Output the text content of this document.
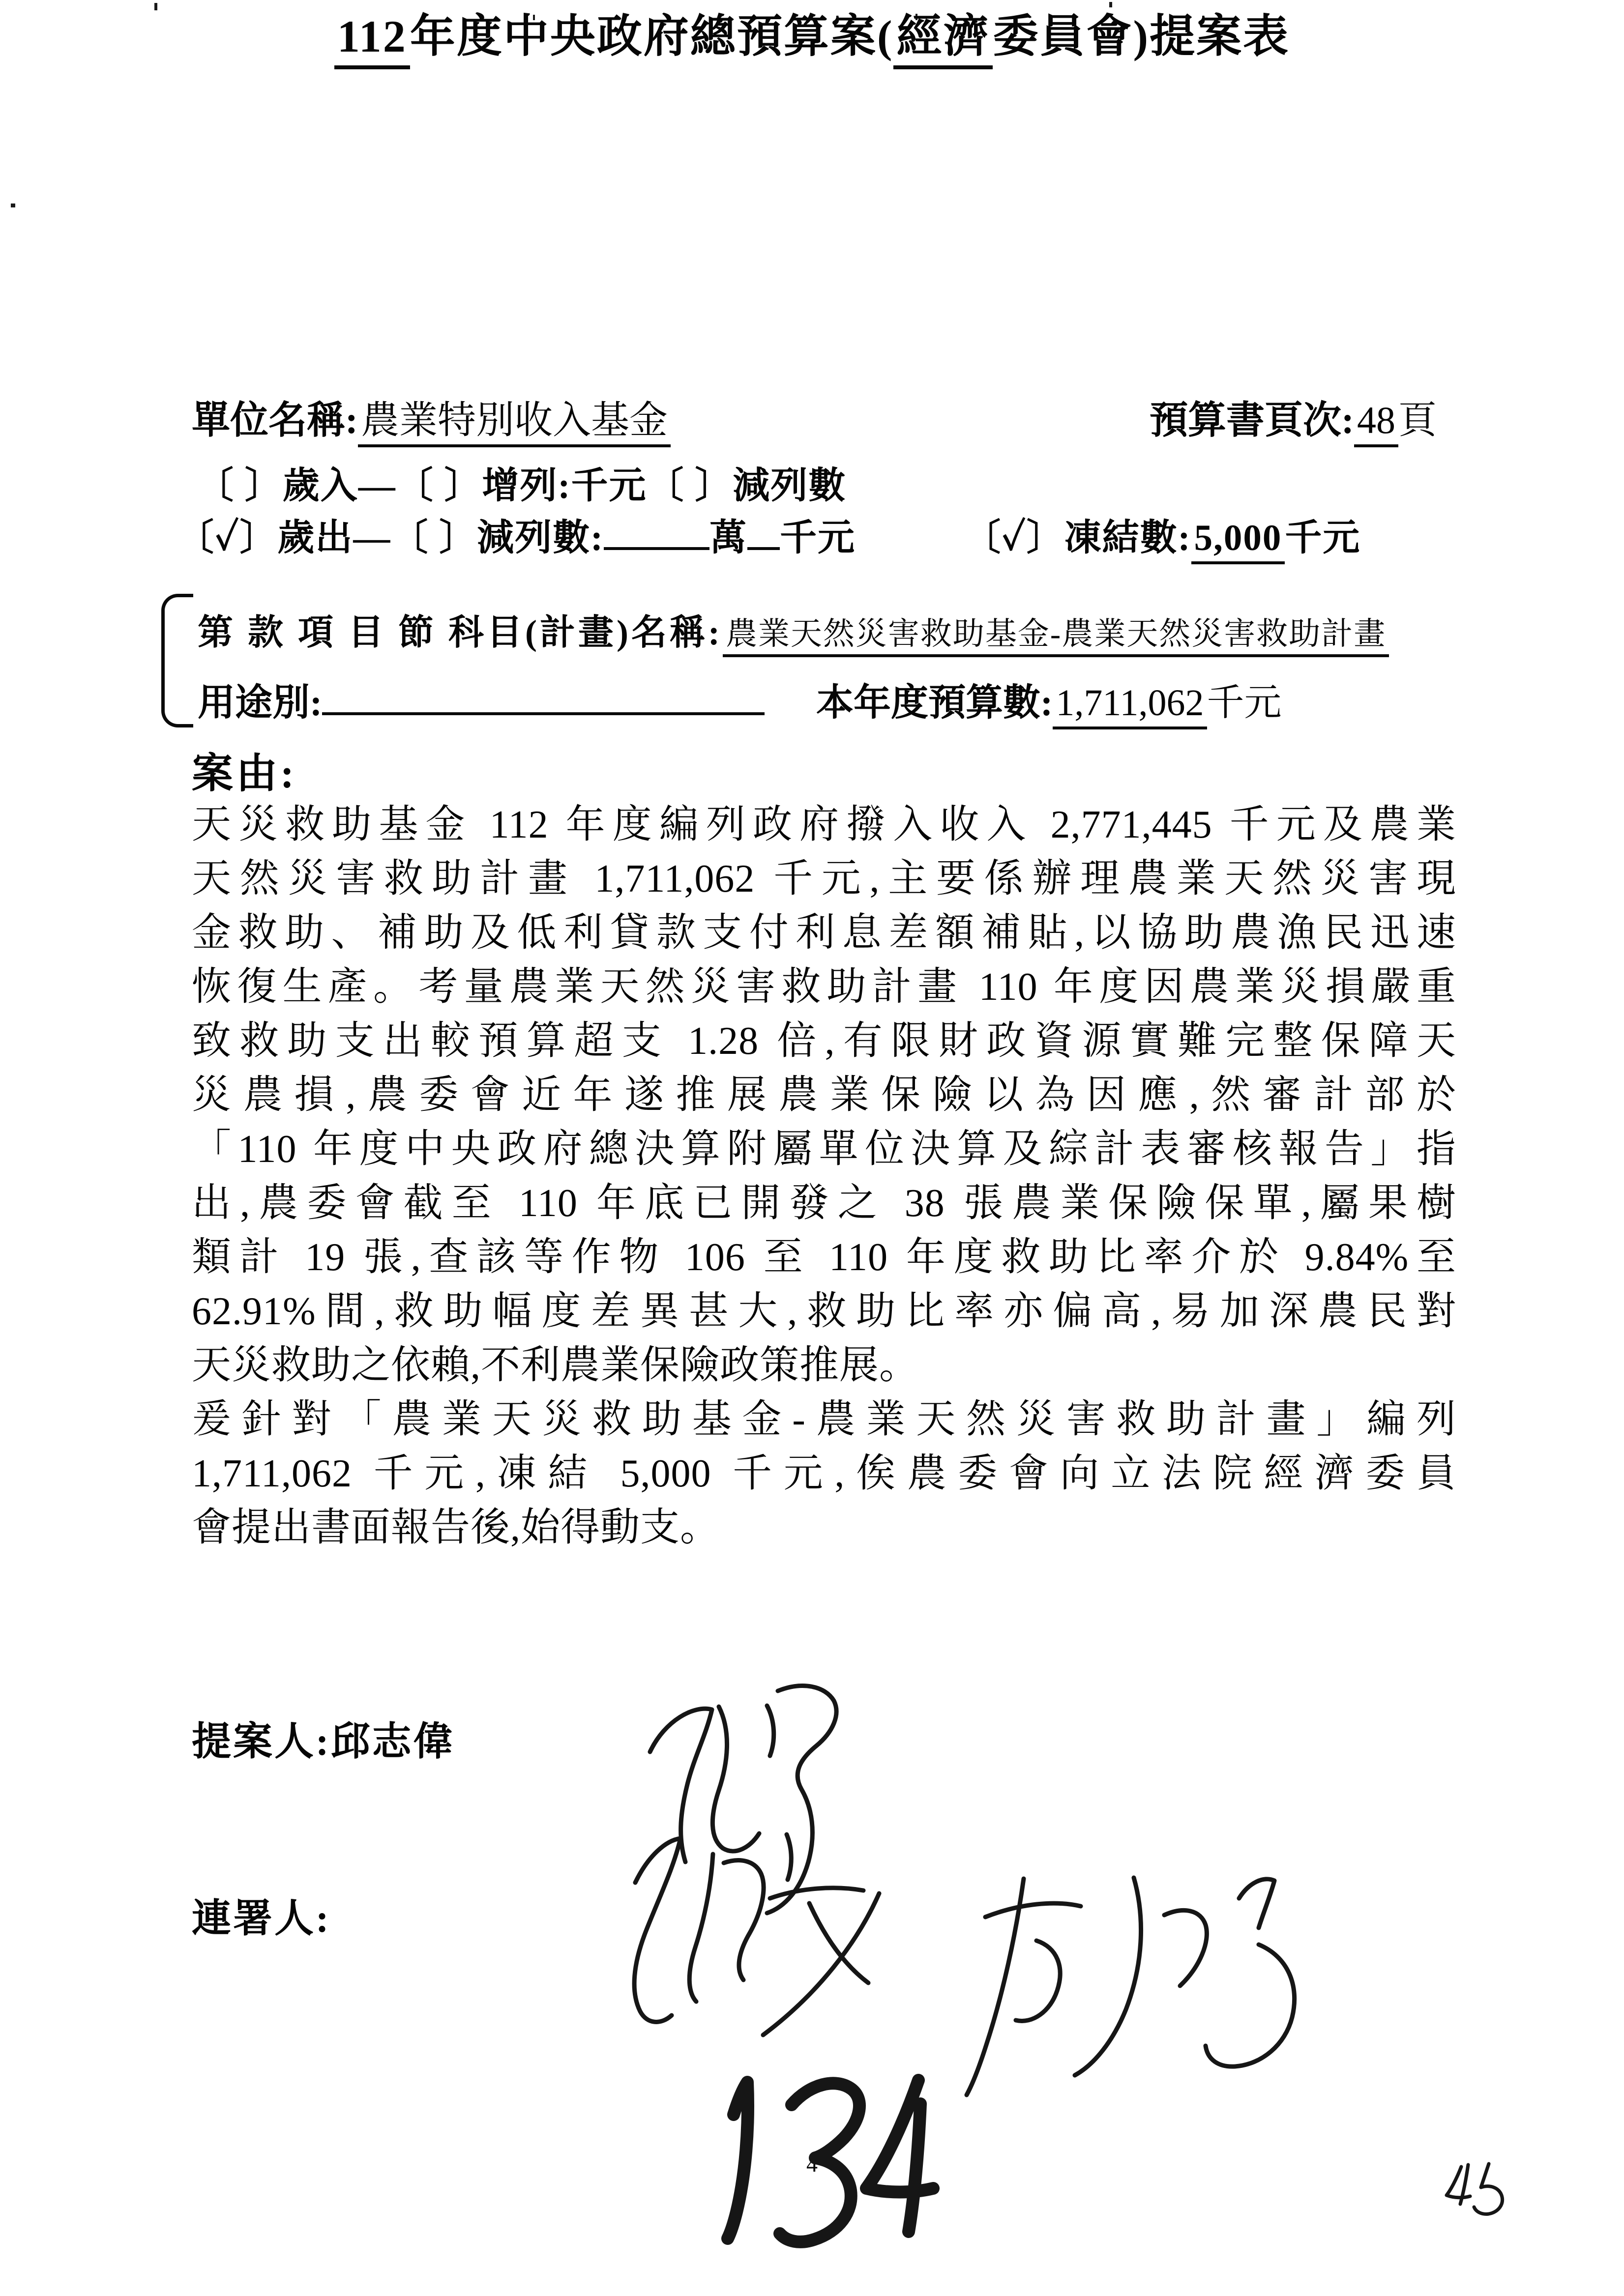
112年度中央政府總預算案(經濟委員會)提案表
單位名稱:農業特別收入基金	預算書頁次:48頁
〔 〕歲入—〔 〕增列:千元〔 〕減列數
〔✓〕歲出—〔 〕減列數:	萬 千元	〔✓〕凍結數:5,000千元
第 款 項 目 節 科目(計畫)名稱:農業天然災害救助基金-農業天然災害救助計畫
用途別:	本年度預算數:1,711,062千元
案由:
天災救助基金 112 年度編列政府撥入收入 2,771,445 千元及農業
天然災害救助計畫 1,711,062 千元,主要係辦理農業天然災害現
金救助、補助及低利貸款支付利息差額補貼,以協助農漁民迅速
恢復生產。考量農業天然災害救助計畫 110 年度因農業災損嚴重
致救助支出較預算超支 1.28 倍,有限財政資源實難完整保障天
災農損,農委會近年遂推展農業保險以為因應,然審計部於
「110 年度中央政府總決算附屬單位決算及綜計表審核報告」指
出,農委會截至 110 年底已開發之 38 張農業保險保單,屬果樹
類計 19 張,查該等作物 106 至 110 年度救助比率介於 9.84%至
62.91%間,救助幅度差異甚大,救助比率亦偏高,易加深農民對
天災救助之依賴,不利農業保險政策推展。
爰針對「農業天災救助基金-農業天然災害救助計畫」編列
1,711,062 千元,凍結 5,000 千元,俟農委會向立法院經濟委員
會提出書面報告後,始得動支。
提案人:邱志偉
連署人:
4
